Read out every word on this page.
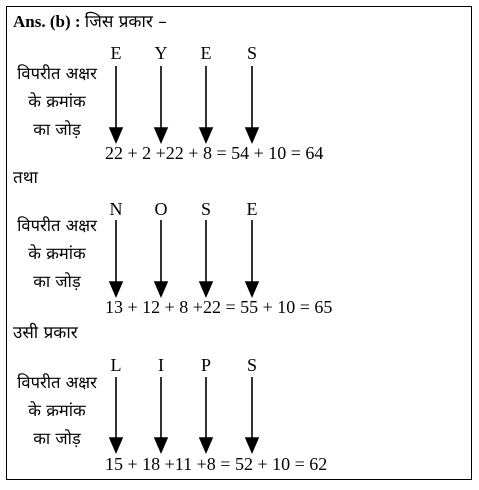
Ans. (b) : जिस प्रकार –
E Y E S
विपरीत अक्षर
के क्रमांक
का जोड़
22 + 2 +22 + 8 = 54 + 10 = 64
तथा
N O S E
विपरीत अक्षर
के क्रमांक
का जोड़
13 + 12 + 8 +22 = 55 + 10 = 65
उसी प्रकार
L	I	P S
विपरीत अक्षर
के क्रमांक
का जोड़
15 + 18 +11 +8 = 52 + 10 = 62
